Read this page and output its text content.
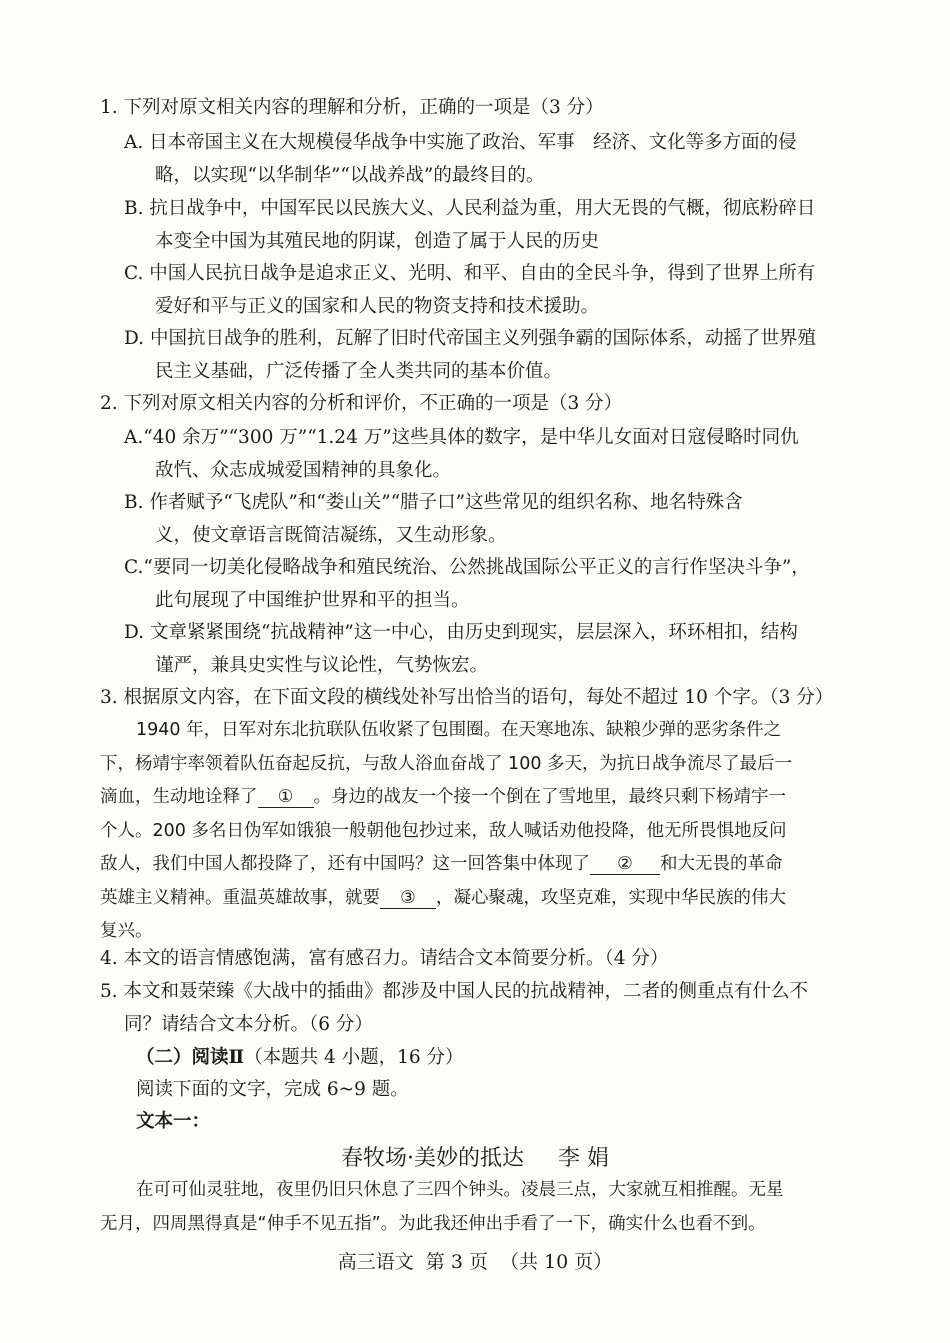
1. 下列对原文相关内容的理解和分析，正确的一项是（3 分）

A. 日本帝国主义在大规模侵华战争中实施了政治、军事　经济、文化等多方面的侵
略，以实现“以华制华”“以战养战”的最终目的。
B. 抗日战争中，中国军民以民族大义、人民利益为重，用大无畏的气概，彻底粉碎日
本变全中国为其殖民地的阴谋，创造了属于人民的历史
C. 中国人民抗日战争是追求正义、光明、和平、自由的全民斗争，得到了世界上所有
爱好和平与正义的国家和人民的物资支持和技术援助。
D. 中国抗日战争的胜利，瓦解了旧时代帝国主义列强争霸的国际体系，动摇了世界殖
民主义基础，广泛传播了全人类共同的基本价值。

2. 下列对原文相关内容的分析和评价，不正确的一项是（3 分）

A.“40 余万”“300 万”“1.24 万”这些具体的数字，是中华儿女面对日寇侵略时同仇
敌忾、众志成城爱国精神的具象化。
B. 作者赋予“飞虎队”和“娄山关”“腊子口”这些常见的组织名称、地名特殊含
义，使文章语言既简洁凝练，又生动形象。
C.“要同一切美化侵略战争和殖民统治、公然挑战国际公平正义的言行作坚决斗争”，
此句展现了中国维护世界和平的担当。
D. 文章紧紧围绕“抗战精神”这一中心，由历史到现实，层层深入，环环相扣，结构
谨严，兼具史实性与议论性，气势恢宏。

3. 根据原文内容，在下面文段的横线处补写出恰当的语句，每处不超过 10 个字。（3 分）

1940 年，日军对东北抗联队伍收紧了包围圈。在天寒地冻、缺粮少弹的恶劣条件之
下，杨靖宇率领着队伍奋起反抗，与敌人浴血奋战了 100 多天，为抗日战争流尽了最后一
滴血，生动地诠释了 ① 。身边的战友一个接一个倒在了雪地里，最终只剩下杨靖宇一
个人。200 多名日伪军如饿狼一般朝他包抄过来，敌人喊话劝他投降，他无所畏惧地反问
敌人，我们中国人都投降了，还有中国吗？这一回答集中体现了 ② 和大无畏的革命
英雄主义精神。重温英雄故事，就要 ③ ，凝心聚魂，攻坚克难，实现中华民族的伟大
复兴。

4. 本文的语言情感饱满，富有感召力。请结合文本简要分析。（4 分）

5. 本文和聂荣臻《大战中的插曲》都涉及中国人民的抗战精神，二者的侧重点有什么不

同？请结合文本分析。（6 分）

（二）阅读Ⅱ（本题共 4 小题，16 分）
阅读下面的文字，完成 6~9 题。
文本一：
春牧场·美妙的抵达 李 娟
在可可仙灵驻地，夜里仍旧只休息了三四个钟头。凌晨三点，大家就互相推醒。无星
无月，四周黑得真是“伸手不见五指”。为此我还伸出手看了一下，确实什么也看不到。
高三语文 第 3 页 （共 10 页）
